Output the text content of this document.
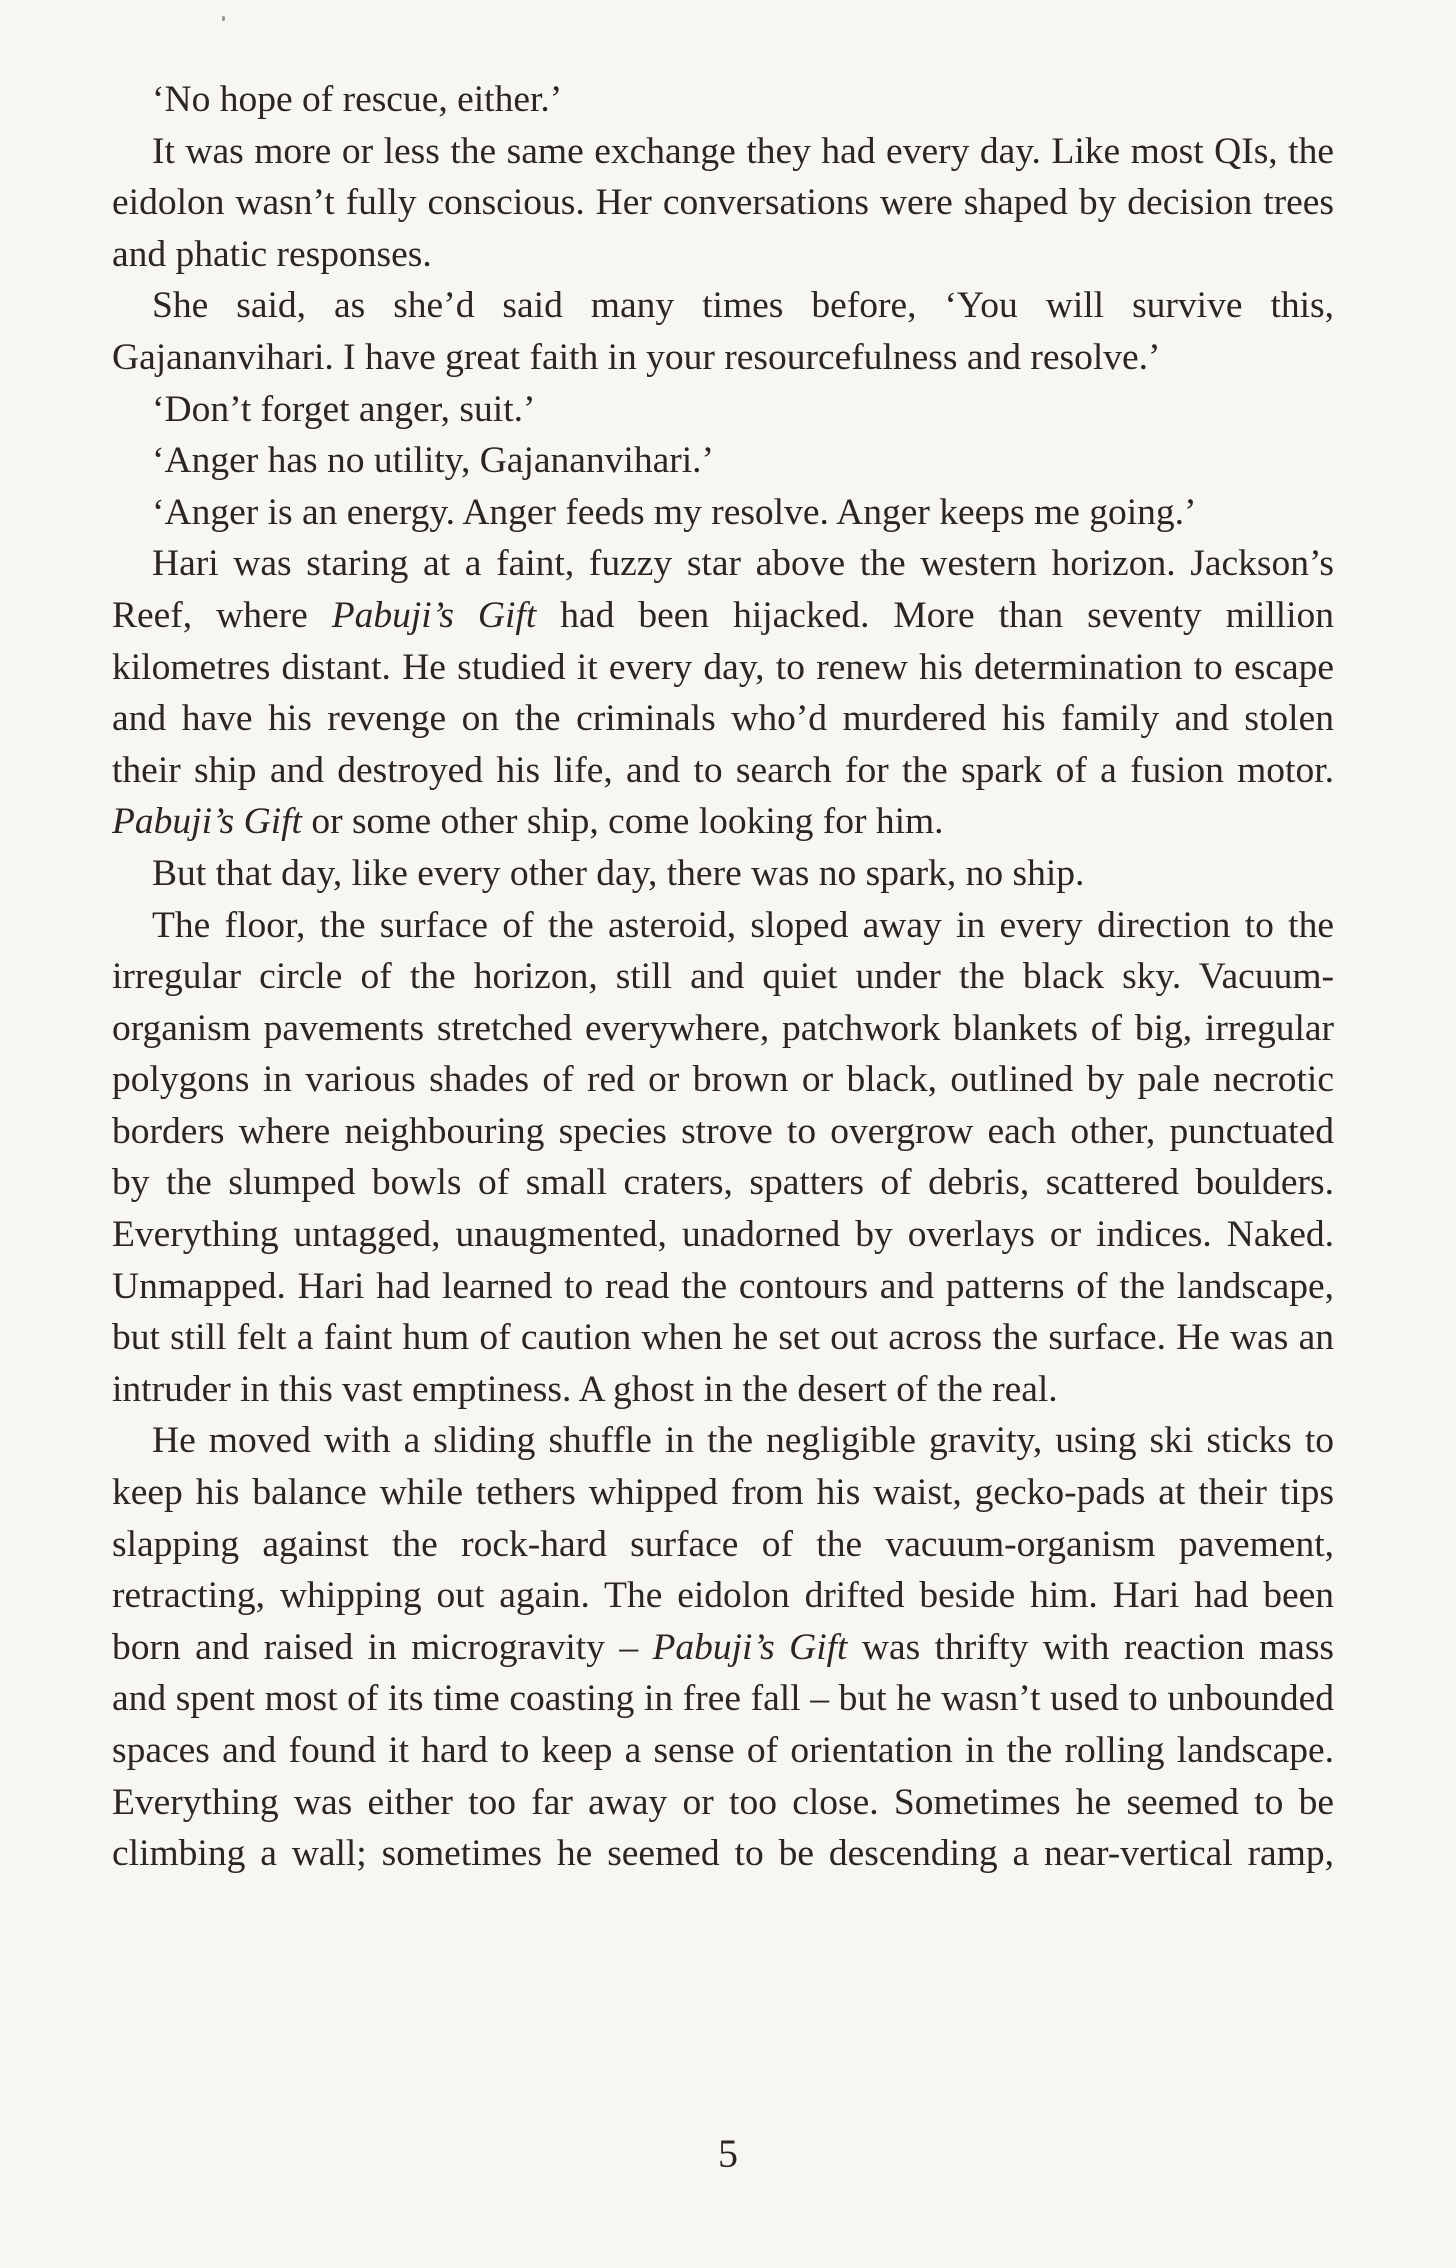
‘No hope of rescue, either.’

It was more or less the same exchange they had every day. Like most QIs, the eidolon wasn’t fully conscious. Her conversations were shaped by decision trees and phatic responses.

She said, as she’d said many times before, ‘You will survive this, Gajananvihari. I have great faith in your resourcefulness and resolve.’

‘Don’t forget anger, suit.’

‘Anger has no utility, Gajananvihari.’

‘Anger is an energy. Anger feeds my resolve. Anger keeps me going.’

Hari was staring at a faint, fuzzy star above the western horizon. Jackson’s Reef, where Pabuji’s Gift had been hijacked. More than seventy million kilometres distant. He studied it every day, to renew his determination to escape and have his revenge on the criminals who’d murdered his family and stolen their ship and destroyed his life, and to search for the spark of a fusion motor. Pabuji’s Gift or some other ship, come looking for him.

But that day, like every other day, there was no spark, no ship.

The floor, the surface of the asteroid, sloped away in every direction to the irregular circle of the horizon, still and quiet under the black sky. Vacuum-organism pavements stretched everywhere, patchwork blankets of big, irregular polygons in various shades of red or brown or black, outlined by pale necrotic borders where neighbouring species strove to overgrow each other, punctuated by the slumped bowls of small craters, spatters of debris, scattered boulders. Everything untagged, unaugmented, unadorned by overlays or indices. Naked. Unmapped. Hari had learned to read the contours and patterns of the landscape, but still felt a faint hum of caution when he set out across the surface. He was an intruder in this vast emptiness. A ghost in the desert of the real.

He moved with a sliding shuffle in the negligible gravity, using ski sticks to keep his balance while tethers whipped from his waist, gecko-pads at their tips slapping against the rock-hard surface of the vacuum-organism pavement, retracting, whipping out again. The eidolon drifted beside him. Hari had been born and raised in microgravity – Pabuji’s Gift was thrifty with reaction mass and spent most of its time coasting in free fall – but he wasn’t used to unbounded spaces and found it hard to keep a sense of orientation in the rolling landscape. Everything was either too far away or too close. Sometimes he seemed to be climbing a wall; sometimes he seemed to be descending a near-vertical ramp,

5
